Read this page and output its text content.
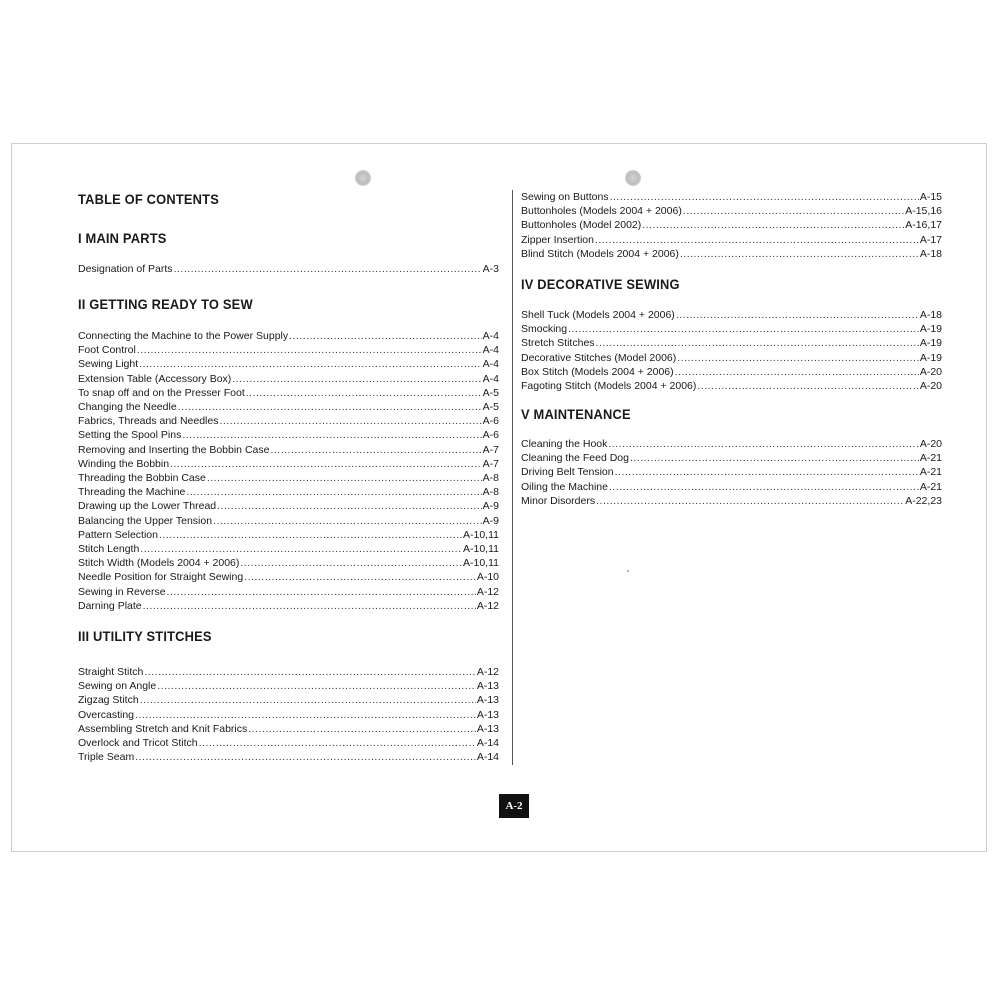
TABLE OF CONTENTS
I MAIN PARTS
Designation of Parts .....	A-3
II GETTING READY TO SEW
Connecting the Machine to the Power Supply .....	A-4
Foot Control .....	A-4
Sewing Light .....	A-4
Extension Table (Accessory Box) .....	A-4
To snap off and on the Presser Foot .....	A-5
Changing the Needle .....	A-5
Fabrics, Threads and Needles .....	A-6
Setting the Spool Pins .....	A-6
Removing and Inserting the Bobbin Case .....	A-7
Winding the Bobbin .....	A-7
Threading the Bobbin Case .....	A-8
Threading the Machine .....	A-8
Drawing up the Lower Thread .....	A-9
Balancing the Upper Tension .....	A-9
Pattern Selection .....	A-10,11
Stitch Length .....	A-10,11
Stitch Width (Models 2004 + 2006) .....	A-10,11
Needle Position for Straight Sewing .....	A-10
Sewing in Reverse .....	A-12
Darning Plate .....	A-12
III UTILITY STITCHES
Straight Stitch .....	A-12
Sewing on Angle .....	A-13
Zigzag Stitch .....	A-13
Overcasting .....	A-13
Assembling Stretch and Knit Fabrics .....	A-13
Overlock and Tricot Stitch .....	A-14
Triple Seam .....	A-14
Sewing on Buttons .....	A-15
Buttonholes (Models 2004 + 2006) .....	A-15,16
Buttonholes (Model 2002) .....	A-16,17
Zipper Insertion .....	A-17
Blind Stitch (Models 2004 + 2006) .....	A-18
IV DECORATIVE SEWING
Shell Tuck (Models 2004 + 2006) .....	A-18
Smocking .....	A-19
Stretch Stitches .....	A-19
Decorative Stitches (Model 2006) .....	A-19
Box Stitch (Models 2004 + 2006) .....	A-20
Fagoting Stitch (Models 2004 + 2006) .....	A-20
V MAINTENANCE
Cleaning the Hook .....	A-20
Cleaning the Feed Dog .....	A-21
Driving Belt Tension .....	A-21
Oiling the Machine .....	A-21
Minor Disorders .....	A-22,23
A-2
